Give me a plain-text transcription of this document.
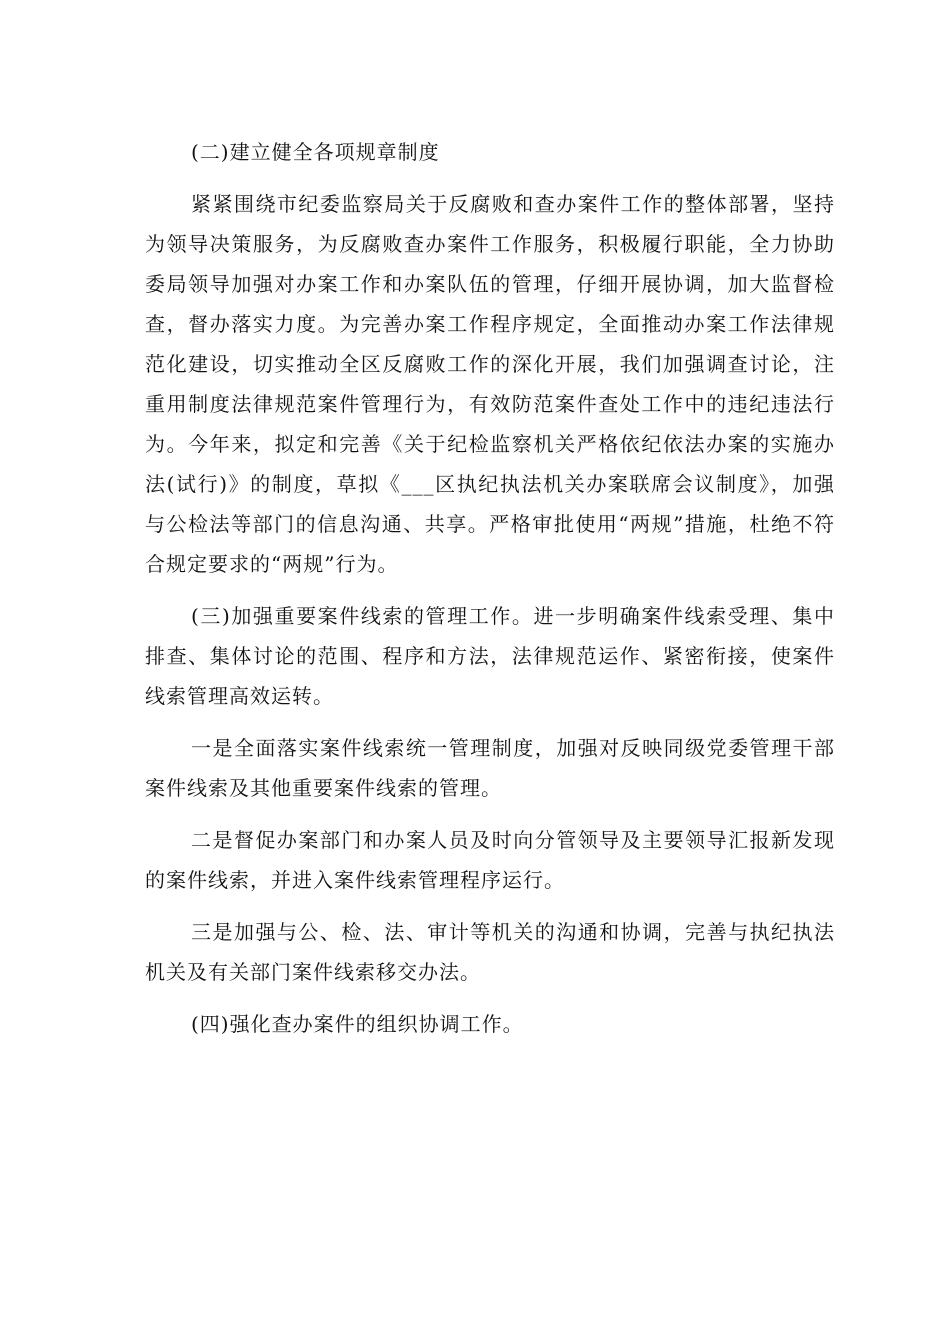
(二)建立健全各项规章制度

紧紧围绕市纪委监察局关于反腐败和查办案件工作的整体部署，坚持为领导决策服务，为反腐败查办案件工作服务，积极履行职能，全力协助委局领导加强对办案工作和办案队伍的管理，仔细开展协调，加大监督检查，督办落实力度。为完善办案工作程序规定，全面推动办案工作法律规范化建设，切实推动全区反腐败工作的深化开展，我们加强调查讨论，注重用制度法律规范案件管理行为，有效防范案件查处工作中的违纪违法行为。今年来，拟定和完善《关于纪检监察机关严格依纪依法办案的实施办法(试行)》的制度，草拟《___区执纪执法机关办案联席会议制度》，加强与公检法等部门的信息沟通、共享。严格审批使用“两规”措施，杜绝不符合规定要求的“两规”行为。

(三)加强重要案件线索的管理工作。进一步明确案件线索受理、集中排查、集体讨论的范围、程序和方法，法律规范运作、紧密衔接，使案件线索管理高效运转。

一是全面落实案件线索统一管理制度，加强对反映同级党委管理干部案件线索及其他重要案件线索的管理。

二是督促办案部门和办案人员及时向分管领导及主要领导汇报新发现的案件线索，并进入案件线索管理程序运行。

三是加强与公、检、法、审计等机关的沟通和协调，完善与执纪执法机关及有关部门案件线索移交办法。

(四)强化查办案件的组织协调工作。
